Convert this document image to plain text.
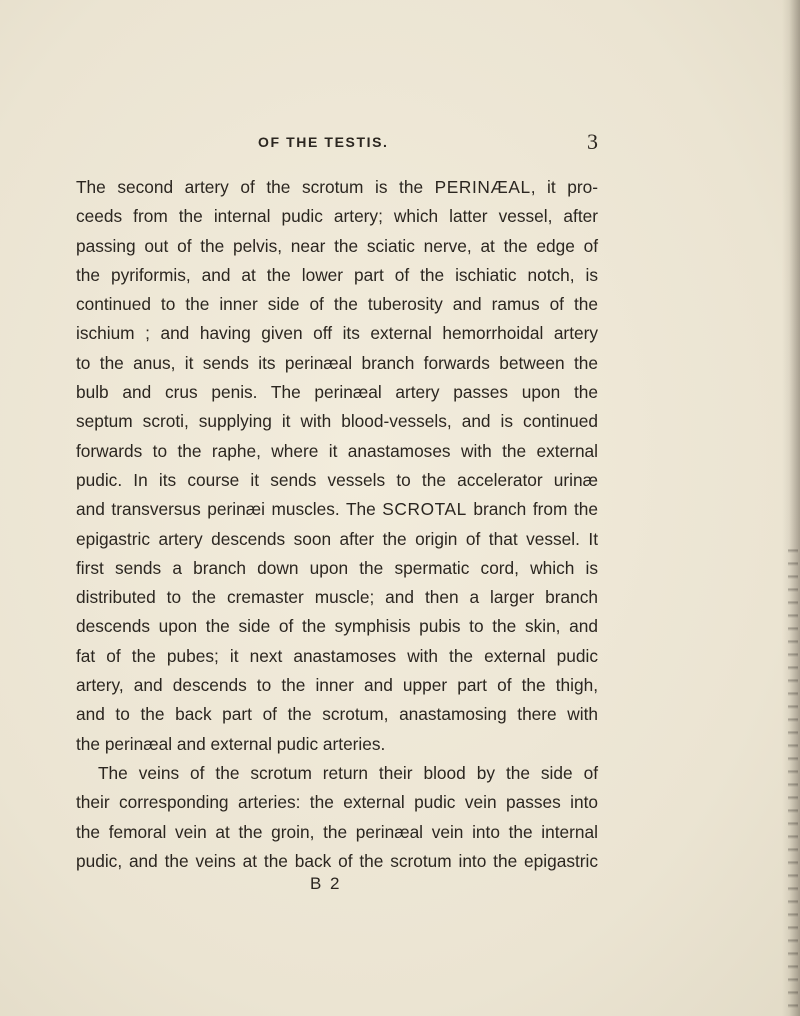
OF THE TESTIS.	3

The second artery of the scrotum is the PERINÆAL, it pro-

ceeds from the internal pudic artery; which latter vessel, after

passing out of the pelvis, near the sciatic nerve, at the edge of

the pyriformis, and at the lower part of the ischiatic notch, is

continued to the inner side of the tuberosity and ramus of the

ischium ; and having given off its external hemorrhoidal artery

to the anus, it sends its perinæal branch forwards between the

bulb and crus penis. The perinæal artery passes upon the

septum scroti, supplying it with blood-vessels, and is continued

forwards to the raphe, where it anastamoses with the external

pudic. In its course it sends vessels to the accelerator urinæ

and transversus perinæi muscles. The SCROTAL branch from the

epigastric artery descends soon after the origin of that vessel. It

first sends a branch down upon the spermatic cord, which is

distributed to the cremaster muscle; and then a larger branch

descends upon the side of the symphisis pubis to the skin, and

fat of the pubes; it next anastamoses with the external pudic

artery, and descends to the inner and upper part of the thigh,

and to the back part of the scrotum, anastamosing there with

the perinæal and external pudic arteries.

The veins of the scrotum return their blood by the side of

their corresponding arteries: the external pudic vein passes into

the femoral vein at the groin, the perinæal vein into the internal

pudic, and the veins at the back of the scrotum into the epigastric

B 2
